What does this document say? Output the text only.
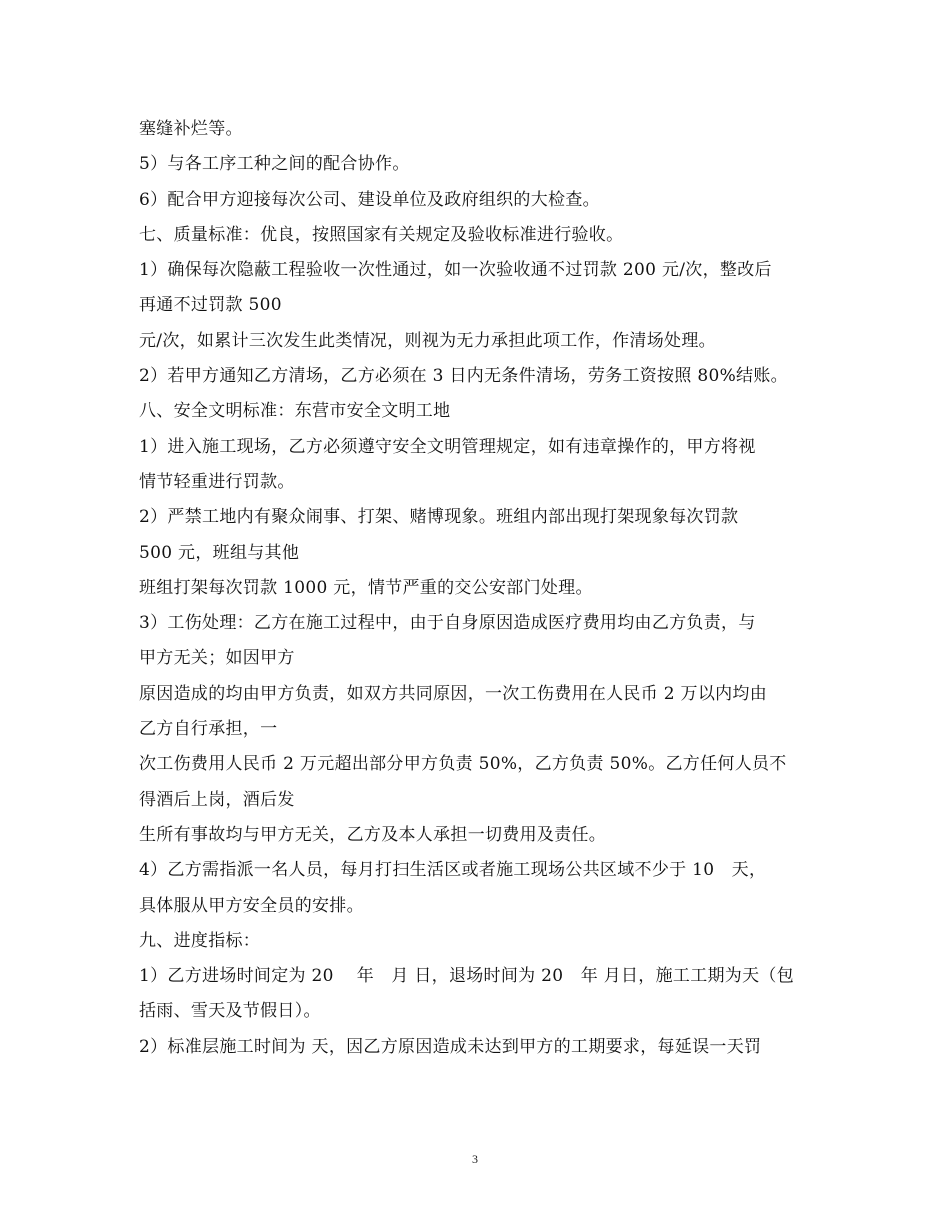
塞缝补烂等。
5）与各工序工种之间的配合协作。
6）配合甲方迎接每次公司、建设单位及政府组织的大检查。
七、质量标准：优良，按照国家有关规定及验收标准进行验收。
1）确保每次隐蔽工程验收一次性通过，如一次验收通不过罚款 200 元/次，整改后
再通不过罚款 500
元/次，如累计三次发生此类情况，则视为无力承担此项工作，作清场处理。
2）若甲方通知乙方清场，乙方必须在 3 日内无条件清场，劳务工资按照 80%结账。
八、安全文明标准：东营市安全文明工地
1）进入施工现场，乙方必须遵守安全文明管理规定，如有违章操作的，甲方将视
情节轻重进行罚款。
2）严禁工地内有聚众闹事、打架、赌博现象。班组内部出现打架现象每次罚款
500 元，班组与其他
班组打架每次罚款 1000 元，情节严重的交公安部门处理。
3）工伤处理：乙方在施工过程中，由于自身原因造成医疗费用均由乙方负责，与
甲方无关；如因甲方
原因造成的均由甲方负责，如双方共同原因，一次工伤费用在人民币 2 万以内均由
乙方自行承担，一
次工伤费用人民币 2 万元超出部分甲方负责 50%，乙方负责 50%。乙方任何人员不
得酒后上岗，酒后发
生所有事故均与甲方无关，乙方及本人承担一切费用及责任。
4）乙方需指派一名人员，每月打扫生活区或者施工现场公共区域不少于 10　天，
具体服从甲方安全员的安排。
九、进度指标：
1）乙方进场时间定为 20　 年　月 日，退场时间为 20　年 月日，施工工期为天（包
括雨、雪天及节假日）。
2）标准层施工时间为 天，因乙方原因造成未达到甲方的工期要求，每延误一天罚
3
